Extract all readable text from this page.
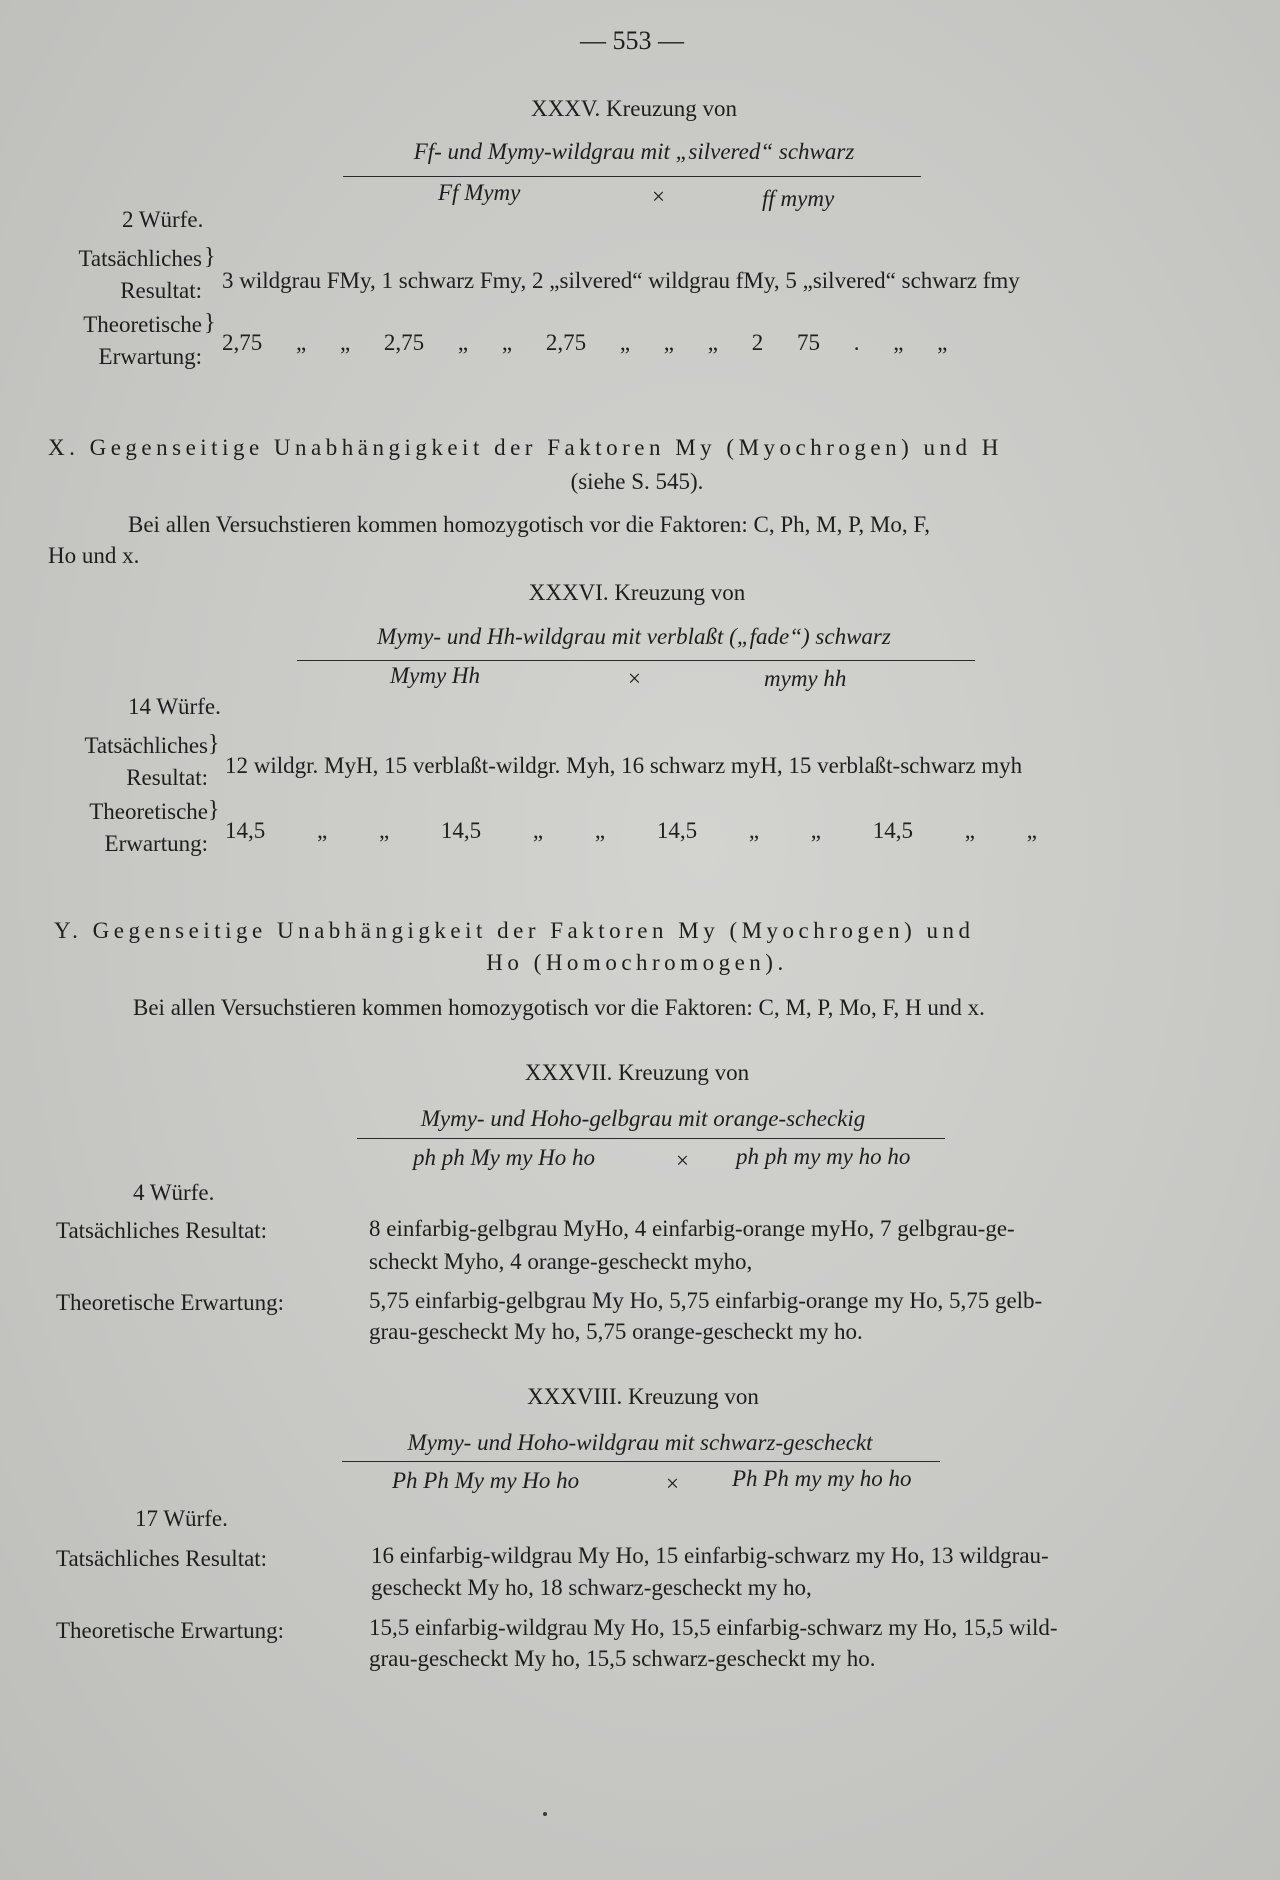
— 553 —
XXXV. Kreuzung von
Ff- und Mymy-wildgrau mit „silvered“ schwarz
Ff Mymy	×	ff mymy
2 Würfe.
Tatsächliches Resultat:
}
3 wildgrau FMy, 1 schwarz Fmy, 2 „silvered“ wildgrau fMy, 5 „silvered“ schwarz fmy
Theoretische Erwartung:
}
2,75 „ „ 2,75 „ „ 2,75 „ „ „ 2 75 . „ „
X. Gegenseitige Unabhängigkeit der Faktoren My (Myochrogen) und H
(siehe S. 545).
Bei allen Versuchstieren kommen homozygotisch vor die Faktoren: C, Ph, M, P, Mo, F,
Ho und x.
XXXVI. Kreuzung von
Mymy- und Hh-wildgrau mit verblaßt („fade“) schwarz
Mymy Hh	×	mymy hh
14 Würfe.
Tatsächliches Resultat:
}
12 wildgr. MyH, 15 verblaßt-wildgr. Myh, 16 schwarz myH, 15 verblaßt-schwarz myh
Theoretische Erwartung:
}
14,5 „ „ 14,5 „ „ 14,5 „ „ 14,5 „ „
Y. Gegenseitige Unabhängigkeit der Faktoren My (Myochrogen) und
Ho (Homochromogen).
Bei allen Versuchstieren kommen homozygotisch vor die Faktoren: C, M, P, Mo, F, H und x.
XXXVII. Kreuzung von
Mymy- und Hoho-gelbgrau mit orange-scheckig
ph ph My my Ho ho	× ph ph my my ho ho
4 Würfe.
Tatsächliches Resultat:	8 einfarbig-gelbgrau MyHo, 4 einfarbig-orange myHo, 7 gelbgrau-ge-
scheckt Myho, 4 orange-gescheckt myho,
Theoretische Erwartung:	5,75 einfarbig-gelbgrau My Ho, 5,75 einfarbig-orange my Ho, 5,75 gelb-
grau-gescheckt My ho, 5,75 orange-gescheckt my ho.
XXXVIII. Kreuzung von
Mymy- und Hoho-wildgrau mit schwarz-gescheckt
Ph Ph My my Ho ho	× Ph Ph my my ho ho
17 Würfe.
Tatsächliches Resultat:	16 einfarbig-wildgrau My Ho, 15 einfarbig-schwarz my Ho, 13 wildgrau-
gescheckt My ho, 18 schwarz-gescheckt my ho,
Theoretische Erwartung:	15,5 einfarbig-wildgrau My Ho, 15,5 einfarbig-schwarz my Ho, 15,5 wild-
grau-gescheckt My ho, 15,5 schwarz-gescheckt my ho.
